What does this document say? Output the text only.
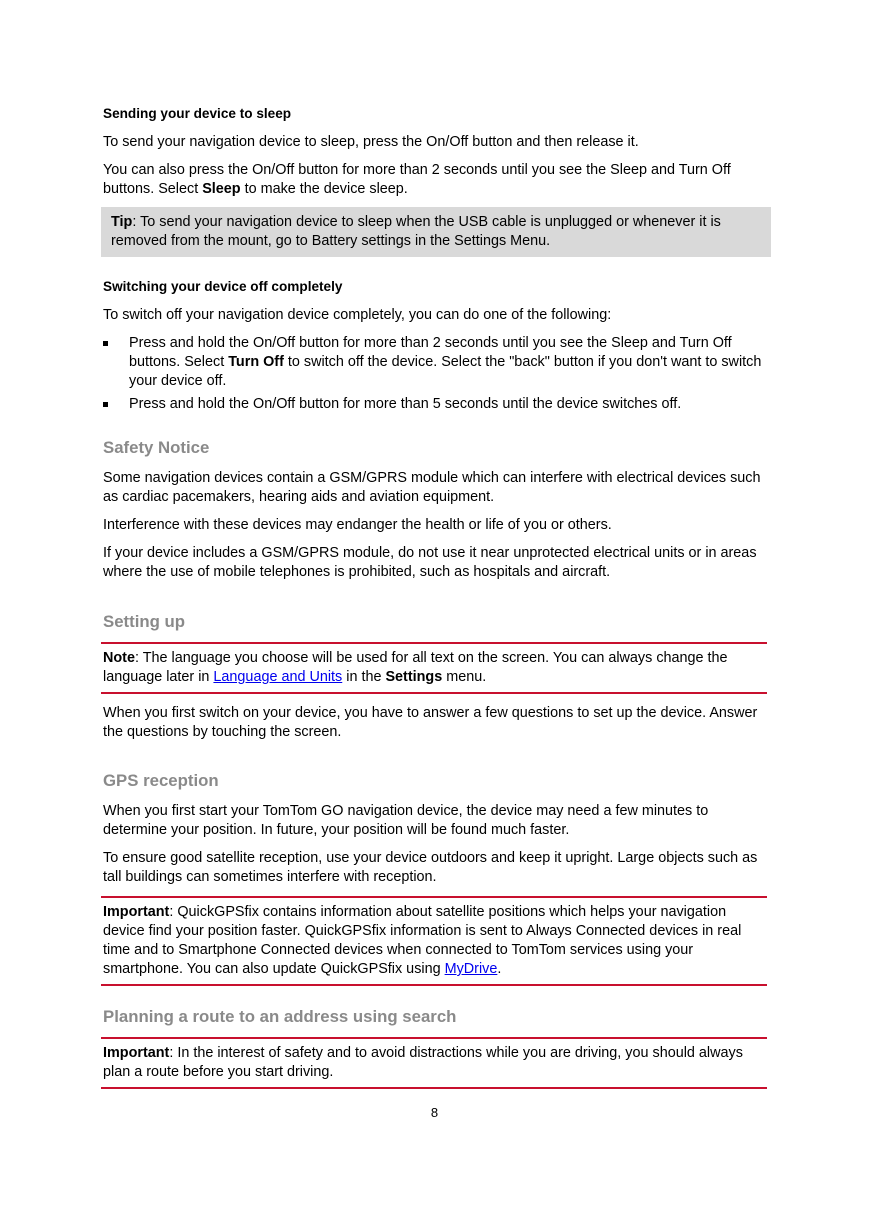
Sending your device to sleep

To send your navigation device to sleep, press the On/Off button and then release it.

You can also press the On/Off button for more than 2 seconds until you see the Sleep and Turn Off buttons. Select Sleep to make the device sleep.

Tip: To send your navigation device to sleep when the USB cable is unplugged or whenever it is removed from the mount, go to Battery settings in the Settings Menu.

Switching your device off completely

To switch off your navigation device completely, you can do one of the following:

Press and hold the On/Off button for more than 2 seconds until you see the Sleep and Turn Off buttons. Select Turn Off to switch off the device. Select the "back" button if you don't want to switch your device off.

Press and hold the On/Off button for more than 5 seconds until the device switches off.

Safety Notice

Some navigation devices contain a GSM/GPRS module which can interfere with electrical devices such as cardiac pacemakers, hearing aids and aviation equipment.

Interference with these devices may endanger the health or life of you or others.

If your device includes a GSM/GPRS module, do not use it near unprotected electrical units or in areas where the use of mobile telephones is prohibited, such as hospitals and aircraft.

Setting up

Note: The language you choose will be used for all text on the screen. You can always change the language later in Language and Units in the Settings menu.

When you first switch on your device, you have to answer a few questions to set up the device. Answer the questions by touching the screen.

GPS reception

When you first start your TomTom GO navigation device, the device may need a few minutes to determine your position. In future, your position will be found much faster.

To ensure good satellite reception, use your device outdoors and keep it upright. Large objects such as tall buildings can sometimes interfere with reception.

Important: QuickGPSfix contains information about satellite positions which helps your navigation device find your position faster. QuickGPSfix information is sent to Always Connected devices in real time and to Smartphone Connected devices when connected to TomTom services using your smartphone. You can also update QuickGPSfix using MyDrive.

Planning a route to an address using search

Important: In the interest of safety and to avoid distractions while you are driving, you should always plan a route before you start driving.

8
